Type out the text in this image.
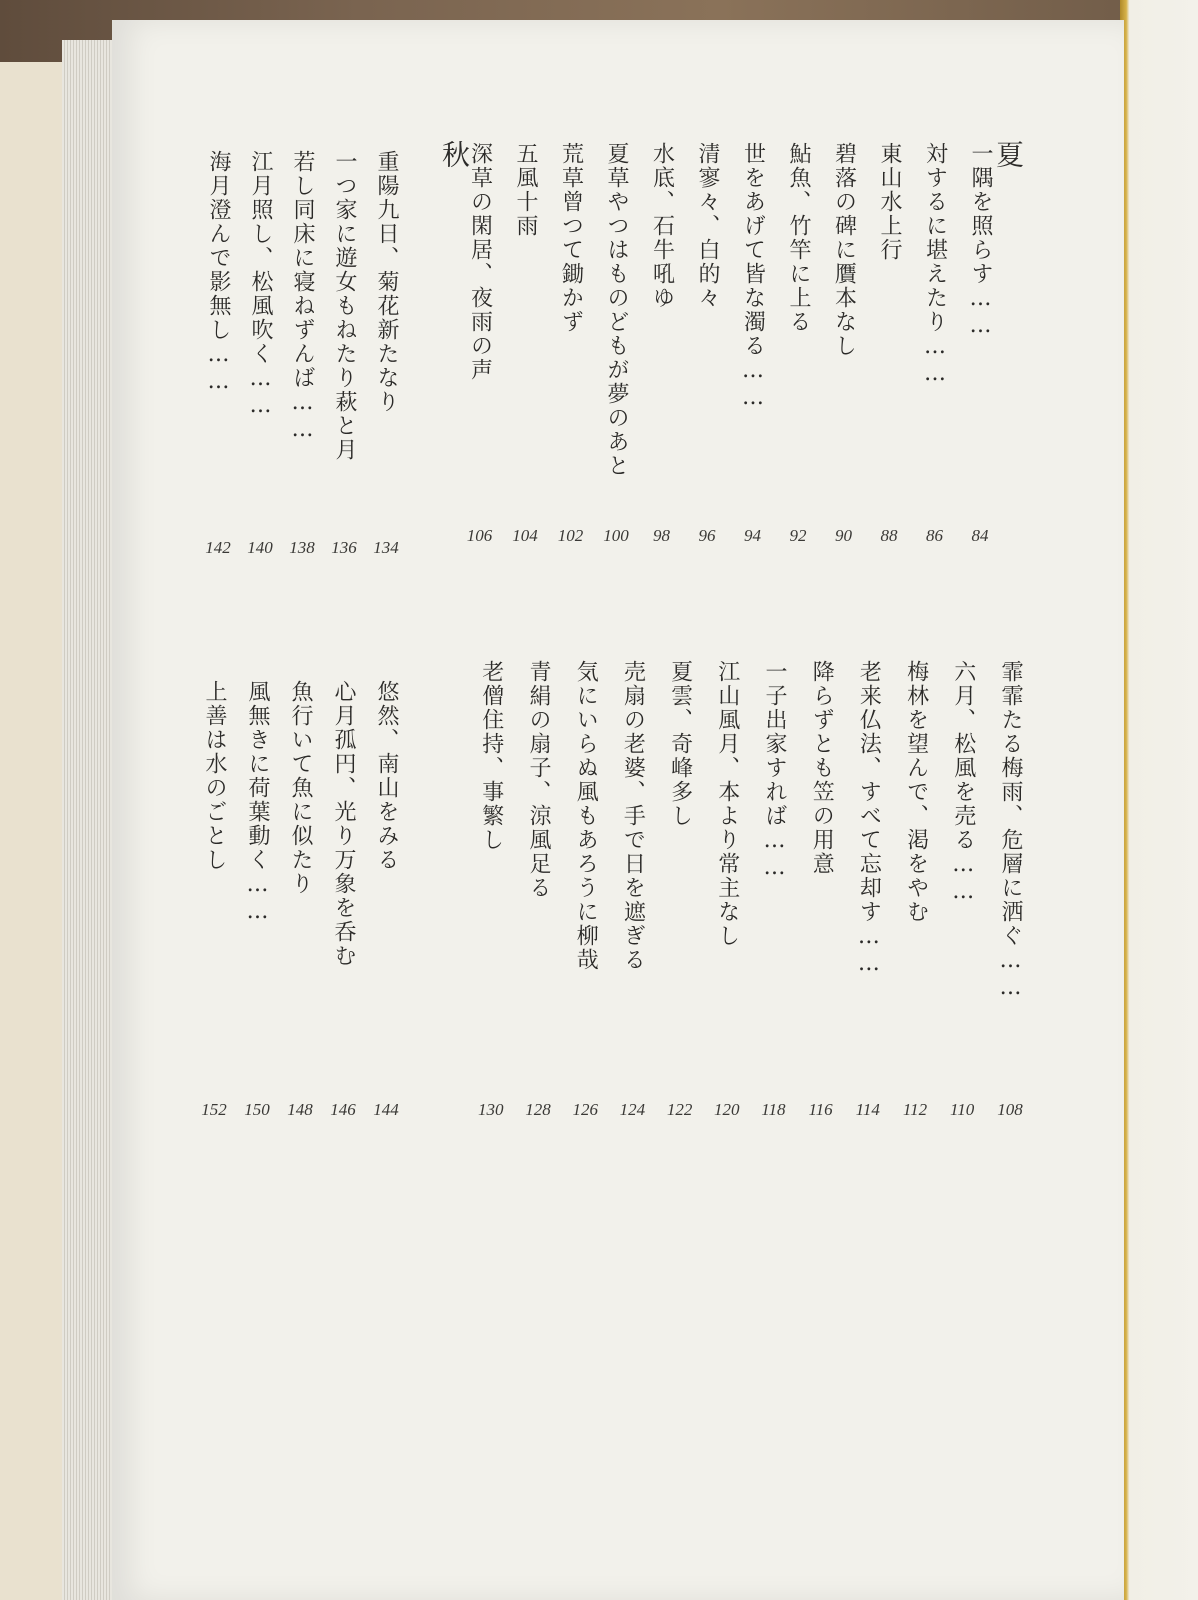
夏
秋	一隅を照らす……
84
対するに堪えたり……
86
東山水上行
88
碧落の碑に贋本なし
90
鮎魚、竹竿に上る
92
世をあげて皆な濁る……
94
清寥々、白的々
96
水底、石牛吼ゆ
98
夏草やつはものどもが夢のあと
100
荒草曾つて鋤かず
102
五風十雨
104
深草の閑居、夜雨の声
106
重陽九日、菊花新たなり
134
一つ家に遊女もねたり萩と月
136
若し同床に寝ねずんば……
138
江月照し、松風吹く……
140
海月澄んで影無し……
142
霏霏たる梅雨、危層に洒ぐ……
108
六月、松風を売る……
110
梅林を望んで、渇をやむ
112
老来仏法、すべて忘却す……
114
降らずとも笠の用意
116
一子出家すれば……
118
江山風月、本より常主なし
120
夏雲、奇峰多し
122
売扇の老婆、手で日を遮ぎる
124
気にいらぬ風もあろうに柳哉
126
青絹の扇子、涼風足る
128
老僧住持、事繁し
130
悠然、南山をみる
144
心月孤円、光り万象を呑む
146
魚行いて魚に似たり
148
風無きに荷葉動く……
150
上善は水のごとし
152
